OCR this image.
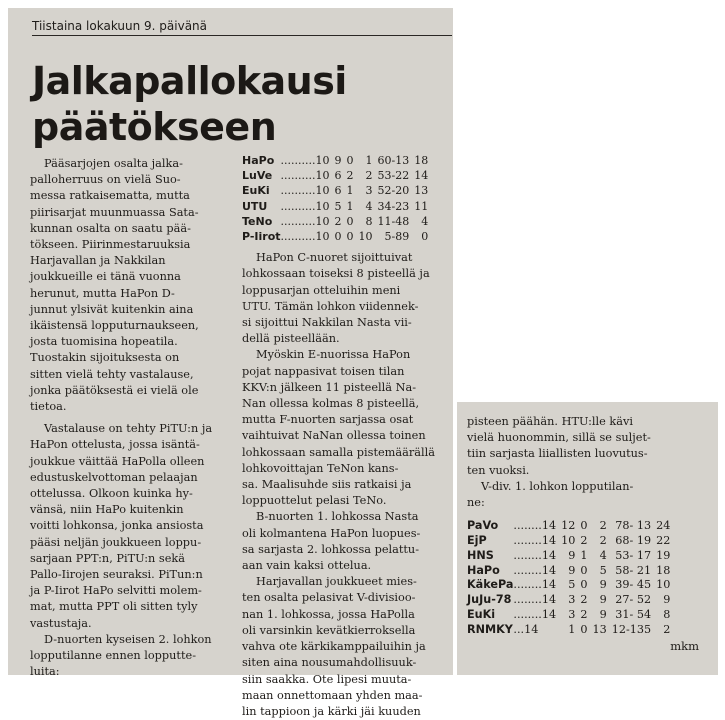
Tiistaina lokakuun 9. päivänä
Jalkapallokausi
päätökseen
Pääsarjojen osalta jalka-
palloherruus on vielä Suo-
messa ratkaisematta, mutta
piirisarjat muunmuassa Sata-
kunnan osalta on saatu pää-
tökseen. Piirinmestaruuksia
Harjavallan ja Nakkilan
joukkueille ei tänä vuonna
herunut, mutta HaPon D-
junnut ylsivät kuitenkin aina
ikäistensä lopputurnaukseen,
josta tuomisina hopeatila.
Tuostakin sijoituksesta on
sitten vielä tehty vastalause,
jonka päätöksestä ei vielä ole
tietoa.
Vastalause on tehty PiTU:n ja
HaPon ottelusta, jossa isäntä-
joukkue väittää HaPolla olleen
edustuskelvottoman pelaajan
ottelussa. Olkoon kuinka hy-
vänsä, niin HaPo kuitenkin
voitti lohkonsa, jonka ansiosta
pääsi neljän joukkueen loppu-
sarjaan PPT:n, PiTU:n sekä
Pallo-Iirojen seuraksi. PiTun:n
ja P-Iirot HaPo selvitti molem-
mat, mutta PPT oli sitten tyly
vastustaja.
D-nuorten kyseisen 2. lohkon
lopputilanne ennen lopputte-
luita:
HaPo	..........10	9	0	1	60-13	18
LuVe	..........10	6	2	2	53-22	14
EuKi	..........10	6	1	3	52-20	13
UTU	..........10	5	1	4	34-23	11
TeNo	..........10	2	0	8	11-48	4
P-Iirot	..........10	0	0	10	5-89	0
HaPon C-nuoret sijoittuivat
lohkossaan toiseksi 8 pisteellä ja
loppusarjan otteluihin meni
UTU. Tämän lohkon viidennek-
si sijoittui Nakkilan Nasta vii-
dellä pisteellään.
Myöskin E-nuorissa HaPon
pojat nappasivat toisen tilan
KKV:n jälkeen 11 pisteellä Na-
Nan ollessa kolmas 8 pisteellä,
mutta F-nuorten sarjassa osat
vaihtuivat NaNan ollessa toinen
lohkossaan samalla pistemäärällä
lohkovoittajan TeNon kans-
sa. Maalisuhde siis ratkaisi ja
loppuottelut pelasi TeNo.
B-nuorten 1. lohkossa Nasta
oli kolmantena HaPon luopues-
sa sarjasta 2. lohkossa pelattu-
aan vain kaksi ottelua.
Harjavallan joukkueet mies-
ten osalta pelasivat V-divisioo-
nan 1. lohkossa, jossa HaPolla
oli varsinkin kevätkierroksella
vahva ote kärkikamppailuihin ja
siten aina nousumahdollisuuk-
siin saakka. Ote lipesi muuta-
maan onnettomaan yhden maa-
lin tappioon ja kärki jäi kuuden
pisteen päähän. HTU:lle kävi
vielä huonommin, sillä se suljet-
tiin sarjasta liiallisten luovutus-
ten vuoksi.
V-div. 1. lohkon lopputilan-
ne:
PaVo	........14	12	0	2	78- 13	24
EjP	........14	10	2	2	68- 19	22
HNS	........14	9	1	4	53- 17	19
HaPo	........14	9	0	5	58- 21	18
KäkePa	........14	5	0	9	39- 45	10
JuJu-78	........14	3	2	9	27- 52	9
EuKi	........14	3	2	9	31- 54	8
RNMKY	...14	1	0	13	12-135	2
mkm
